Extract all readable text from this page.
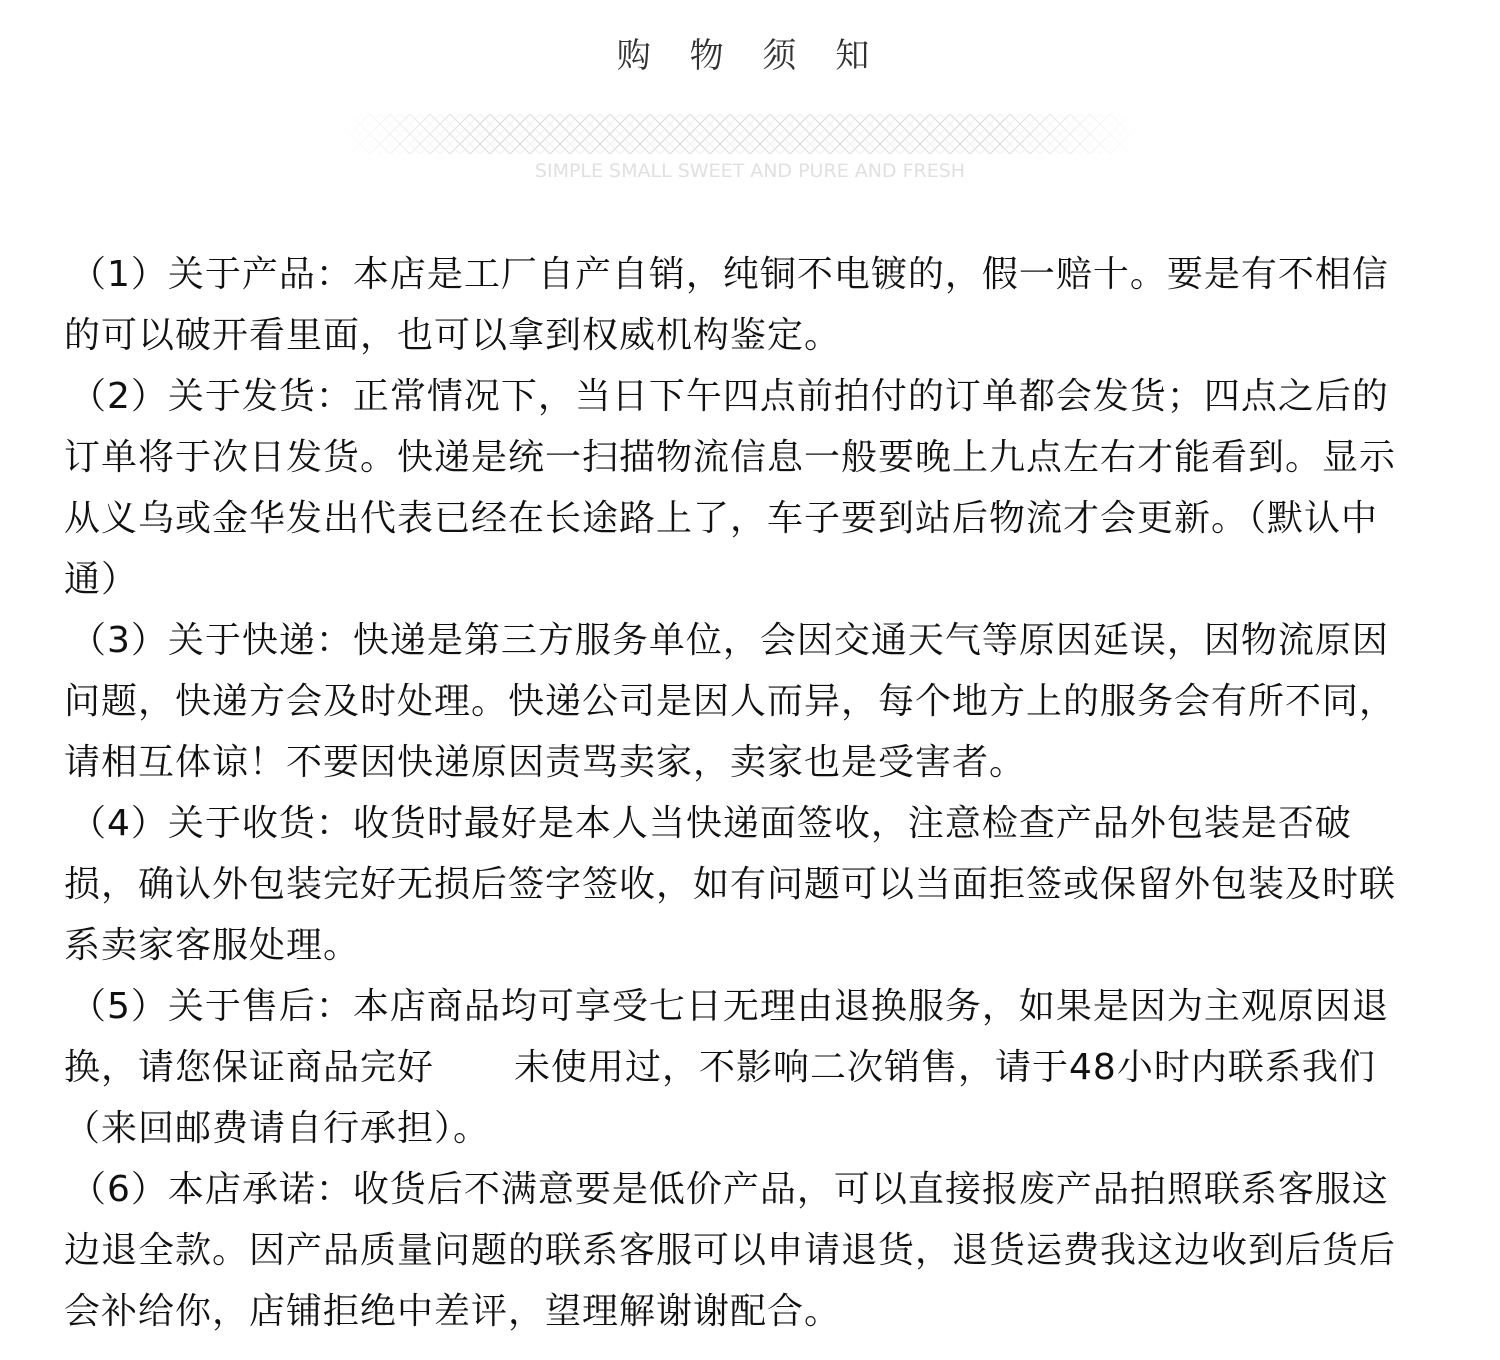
购 物 须 知
SIMPLE SMALL SWEET AND PURE AND FRESH

（1）关于产品：本店是工厂自产自销，纯铜不电镀的，假一赔十。要是有不相信的可以破开看里面，也可以拿到权威机构鉴定。

（2）关于发货：正常情况下，当日下午四点前拍付的订单都会发货；四点之后的订单将于次日发货。快递是统一扫描物流信息一般要晚上九点左右才能看到。显示从义乌或金华发出代表已经在长途路上了，车子要到站后物流才会更新。（默认中通）

（3）关于快递：快递是第三方服务单位，会因交通天气等原因延误，因物流原因问题，快递方会及时处理。快递公司是因人而异，每个地方上的服务会有所不同，请相互体谅！不要因快递原因责骂卖家，卖家也是受害者。

（4）关于收货：收货时最好是本人当快递面签收，注意检查产品外包装是否破损，确认外包装完好无损后签字签收，如有问题可以当面拒签或保留外包装及时联系卖家客服处理。

（5）关于售后：本店商品均可享受七日无理由退换服务，如果是因为主观原因退换，请您保证商品完好 未使用过，不影响二次销售，请于48小时内联系我们（来回邮费请自行承担）。

（6）本店承诺：收货后不满意要是低价产品，可以直接报废产品拍照联系客服这边退全款。因产品质量问题的联系客服可以申请退货，退货运费我这边收到后货后会补给你，店铺拒绝中差评，望理解谢谢配合。
